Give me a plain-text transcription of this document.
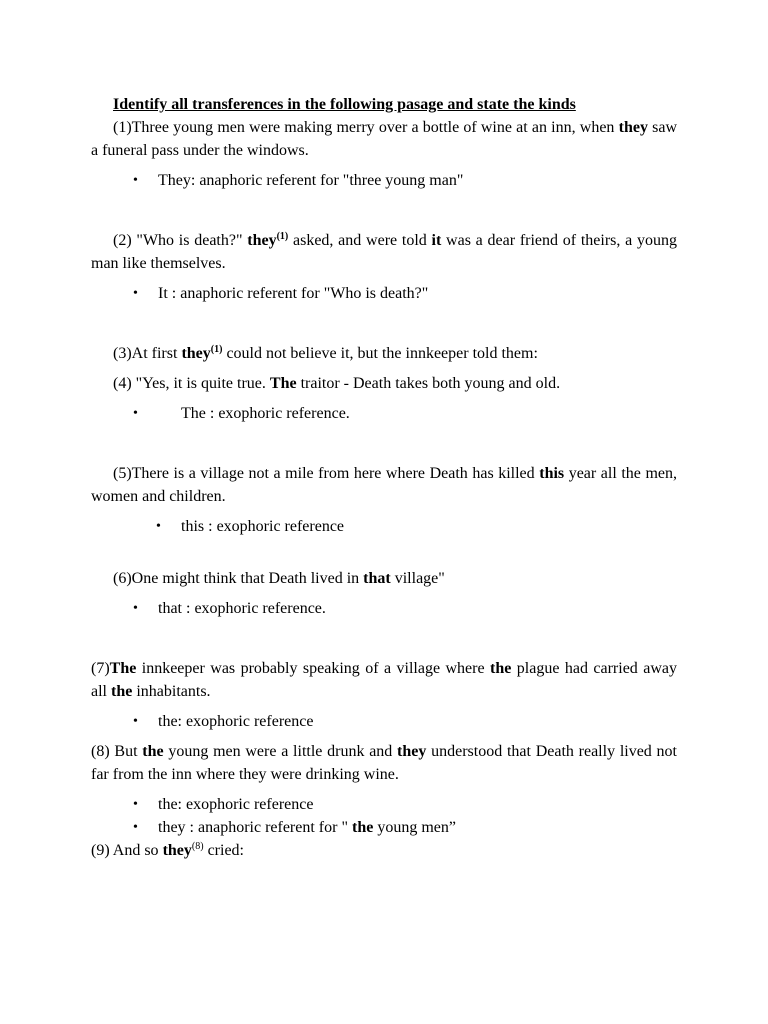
Identify all transferences in the following pasage and state the kinds

(1)Three young men were making merry over a bottle of wine at an inn, when they saw a funeral pass under the windows.

• They: anaphoric referent for "three young man"

(2) "Who is death?" they$^{(1)}$ asked, and were told it was a dear friend of theirs, a young man like themselves.

• It : anaphoric referent for "Who is death?"

(3)At first they$^{(1)}$ could not believe it, but the innkeeper told them:

(4) "Yes, it is quite true. The traitor - Death takes both young and old.

•	The : exophoric reference.

(5)There is a village not a mile from here where Death has killed this year all the men, women and children.

• this : exophoric reference

(6)One might think that Death lived in that village"

• that : exophoric reference.

(7)The innkeeper was probably speaking of a village where the plague had carried away all the inhabitants.

• the: exophoric reference

(8) But the young men were a little drunk and they understood that Death really lived not far from the inn where they were drinking wine.

• the: exophoric reference
• they : anaphoric referent for " the young men”

(9) And so they$^{(8)}$ cried:
